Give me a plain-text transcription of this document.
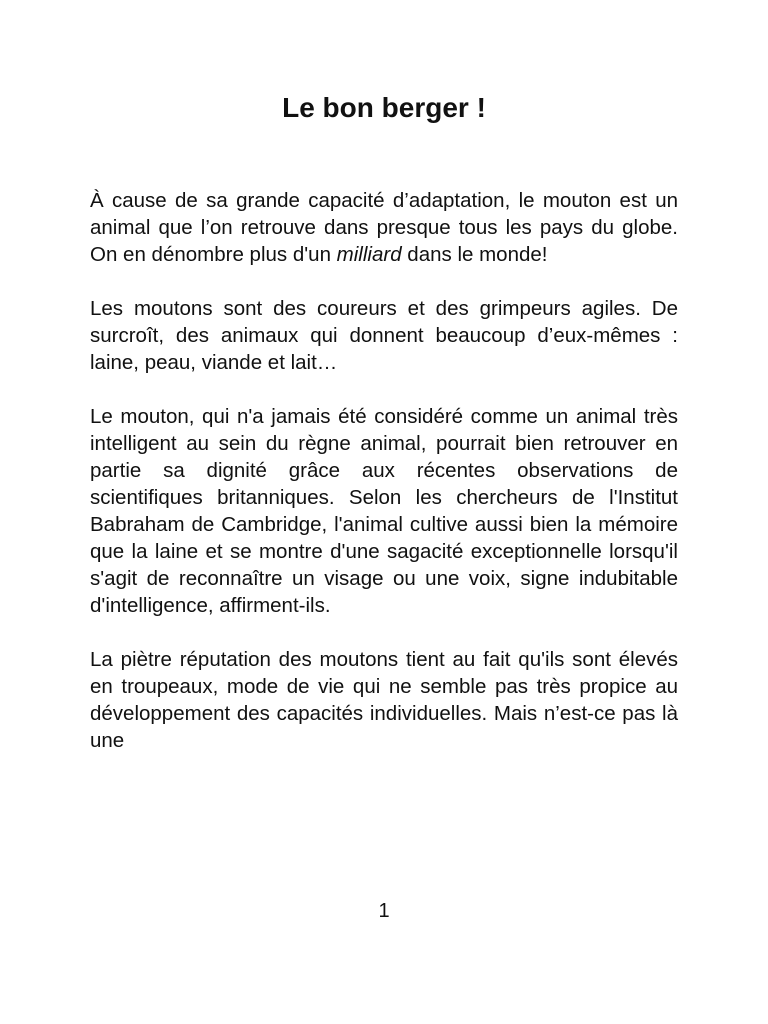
Le bon berger !

À cause de sa grande capacité d’adaptation, le mouton est un animal que l’on retrouve dans presque tous les pays du globe. On en dénombre plus d'un milliard dans le monde!

Les moutons sont des coureurs et des grimpeurs agiles. De surcroît, des animaux qui donnent beaucoup d’eux-mêmes : laine, peau, viande et lait…

Le mouton, qui n'a jamais été considéré comme un animal très intelligent au sein du règne animal, pourrait bien retrouver en partie sa dignité grâce aux récentes observations de scientifiques britanniques. Selon les chercheurs de l'Institut Babraham de Cambridge, l'animal cultive aussi bien la mémoire que la laine et se montre d'une sagacité exceptionnelle lorsqu'il s'agit de reconnaître un visage ou une voix, signe indubitable d'intelligence, affirment-ils.

La piètre réputation des moutons tient au fait qu'ils sont élevés en troupeaux, mode de vie qui ne semble pas très propice au développement des capacités individuelles. Mais n’est-ce pas là une

1
